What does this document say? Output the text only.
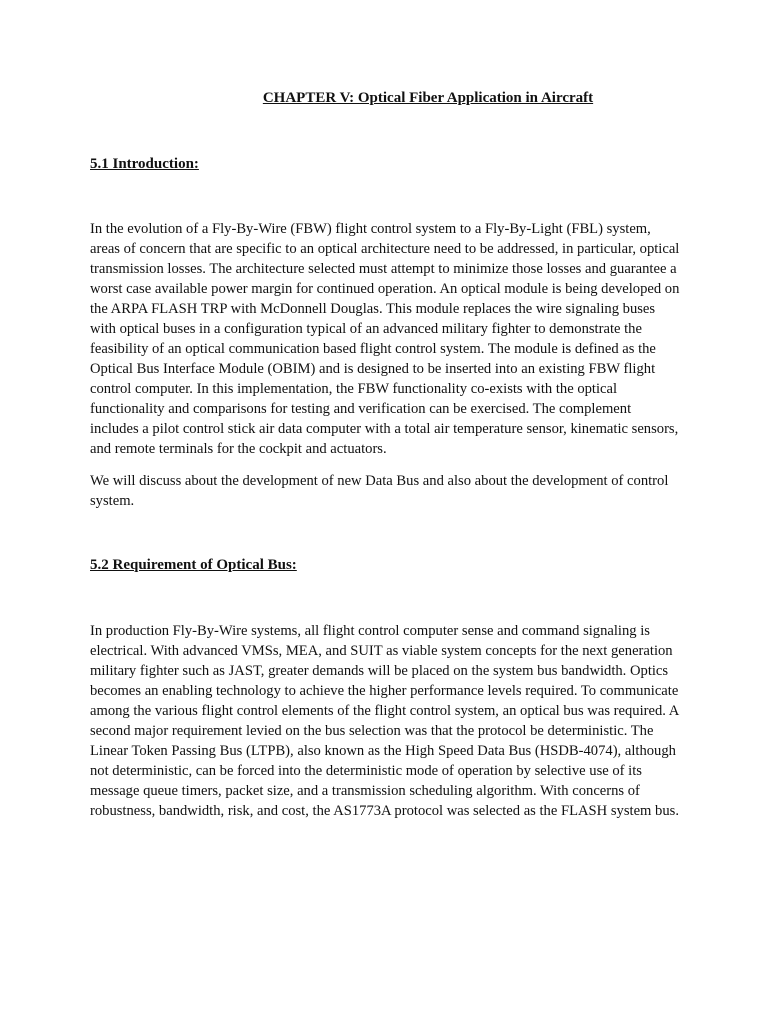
CHAPTER V: Optical Fiber Application in Aircraft
5.1 Introduction:

In the evolution of a Fly-By-Wire (FBW) flight control system to a Fly-By-Light (FBL) system, areas of concern that are specific to an optical architecture need to be addressed, in particular, optical transmission losses. The architecture selected must attempt to minimize those losses and guarantee a worst case available power margin for continued operation. An optical module is being developed on the ARPA FLASH TRP with McDonnell Douglas. This module replaces the wire signaling buses with optical buses in a configuration typical of an advanced military fighter to demonstrate the feasibility of an optical communication based flight control system. The module is defined as the Optical Bus Interface Module (OBIM) and is designed to be inserted into an existing FBW flight control computer. In this implementation, the FBW functionality co-exists with the optical functionality and comparisons for testing and verification can be exercised. The complement includes a pilot control stick air data computer with a total air temperature sensor, kinematic sensors, and remote terminals for the cockpit and actuators.

We will discuss about the development of new Data Bus and also about the development of control system.

5.2 Requirement of Optical Bus:

In production Fly-By-Wire systems, all flight control computer sense and command signaling is electrical. With advanced VMSs, MEA, and SUIT as viable system concepts for the next generation military fighter such as JAST, greater demands will be placed on the system bus bandwidth. Optics becomes an enabling technology to achieve the higher performance levels required. To communicate among the various flight control elements of the flight control system, an optical bus was required. A second major requirement levied on the bus selection was that the protocol be deterministic. The Linear Token Passing Bus (LTPB), also known as the High Speed Data Bus (HSDB-4074), although not deterministic, can be forced into the deterministic mode of operation by selective use of its message queue timers, packet size, and a transmission scheduling algorithm. With concerns of robustness, bandwidth, risk, and cost, the AS1773A protocol was selected as the FLASH system bus.
